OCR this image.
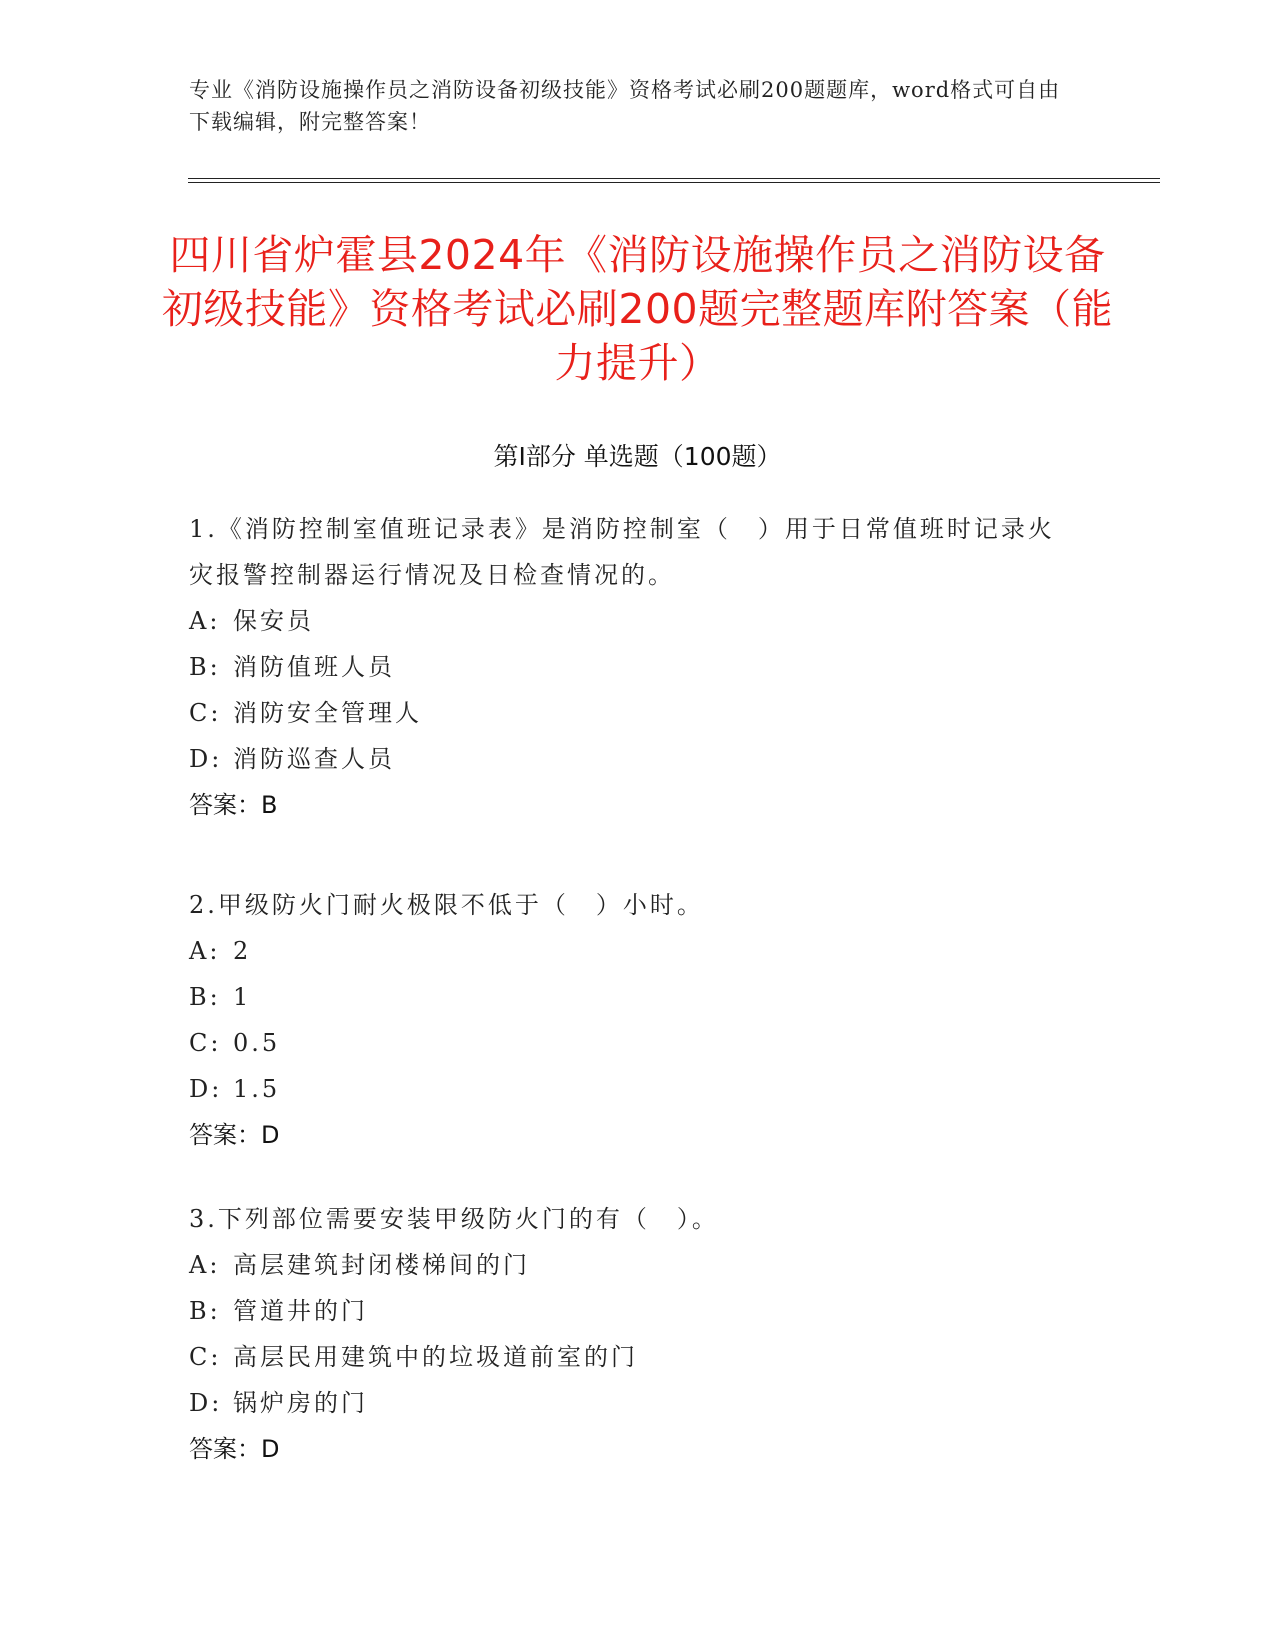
专业《消防设施操作员之消防设备初级技能》资格考试必刷200题题库，word格式可自由下载编辑，附完整答案！
四川省炉霍县2024年《消防设施操作员之消防设备初级技能》资格考试必刷200题完整题库附答案（能力提升）
第Ⅰ部分 单选题（100题）
1.《消防控制室值班记录表》是消防控制室（　）用于日常值班时记录火灾报警控制器运行情况及日检查情况的。
A: 保安员
B: 消防值班人员
C: 消防安全管理人
D: 消防巡查人员
答案：B
2.甲级防火门耐火极限不低于（　）小时。
A: 2
B: 1
C: 0.5
D: 1.5
答案：D
3.下列部位需要安装甲级防火门的有（　）。
A: 高层建筑封闭楼梯间的门
B: 管道井的门
C: 高层民用建筑中的垃圾道前室的门
D: 锅炉房的门
答案：D
